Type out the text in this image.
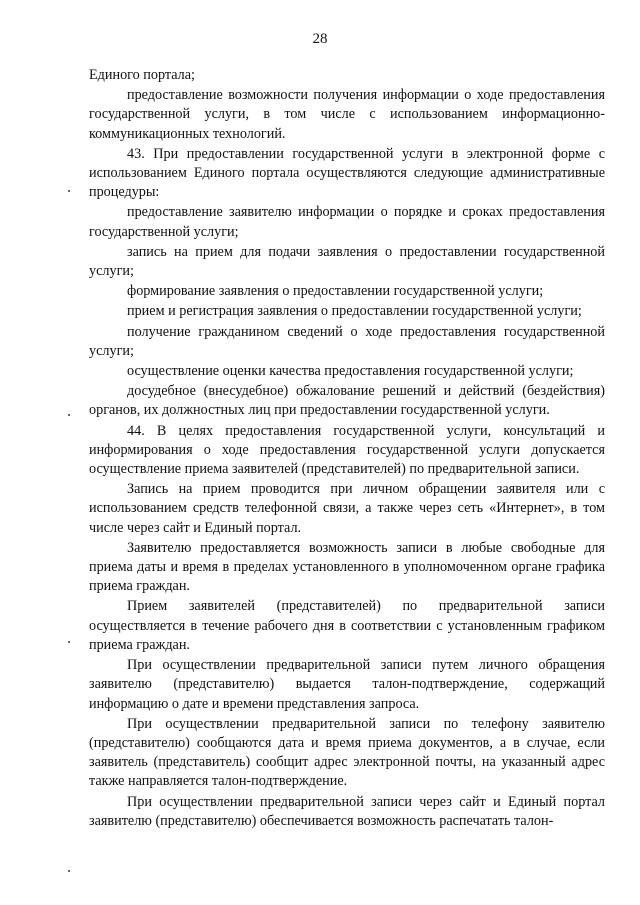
28

Единого портала;

предоставление возможности получения информации о ходе предоставления государственной услуги, в том числе с использованием информационно-коммуникационных технологий.

43. При предоставлении государственной услуги в электронной форме с использованием Единого портала осуществляются следующие административные процедуры:

предоставление заявителю информации о порядке и сроках предоставления государственной услуги;

запись на прием для подачи заявления о предоставлении государственной услуги;

формирование заявления о предоставлении государственной услуги;

прием и регистрация заявления о предоставлении государственной услуги;

получение гражданином сведений о ходе предоставления государственной услуги;

осуществление оценки качества предоставления государственной услуги;

досудебное (внесудебное) обжалование решений и действий (бездействия) органов, их должностных лиц при предоставлении государственной услуги.

44. В целях предоставления государственной услуги, консультаций и информирования о ходе предоставления государственной услуги допускается осуществление приема заявителей (представителей) по предварительной записи.

Запись на прием проводится при личном обращении заявителя или с использованием средств телефонной связи, а также через сеть «Интернет», в том числе через сайт и Единый портал.

Заявителю предоставляется возможность записи в любые свободные для приема даты и время в пределах установленного в уполномоченном органе графика приема граждан.

Прием заявителей (представителей) по предварительной записи осуществляется в течение рабочего дня в соответствии с установленным графиком приема граждан.

При осуществлении предварительной записи путем личного обращения заявителю (представителю) выдается талон-подтверждение, содержащий информацию о дате и времени представления запроса.

При осуществлении предварительной записи по телефону заявителю (представителю) сообщаются дата и время приема документов, а в случае, если заявитель (представитель) сообщит адрес электронной почты, на указанный адрес также направляется талон-подтверждение.

При осуществлении предварительной записи через сайт и Единый портал заявителю (представителю) обеспечивается возможность распечатать талон-
